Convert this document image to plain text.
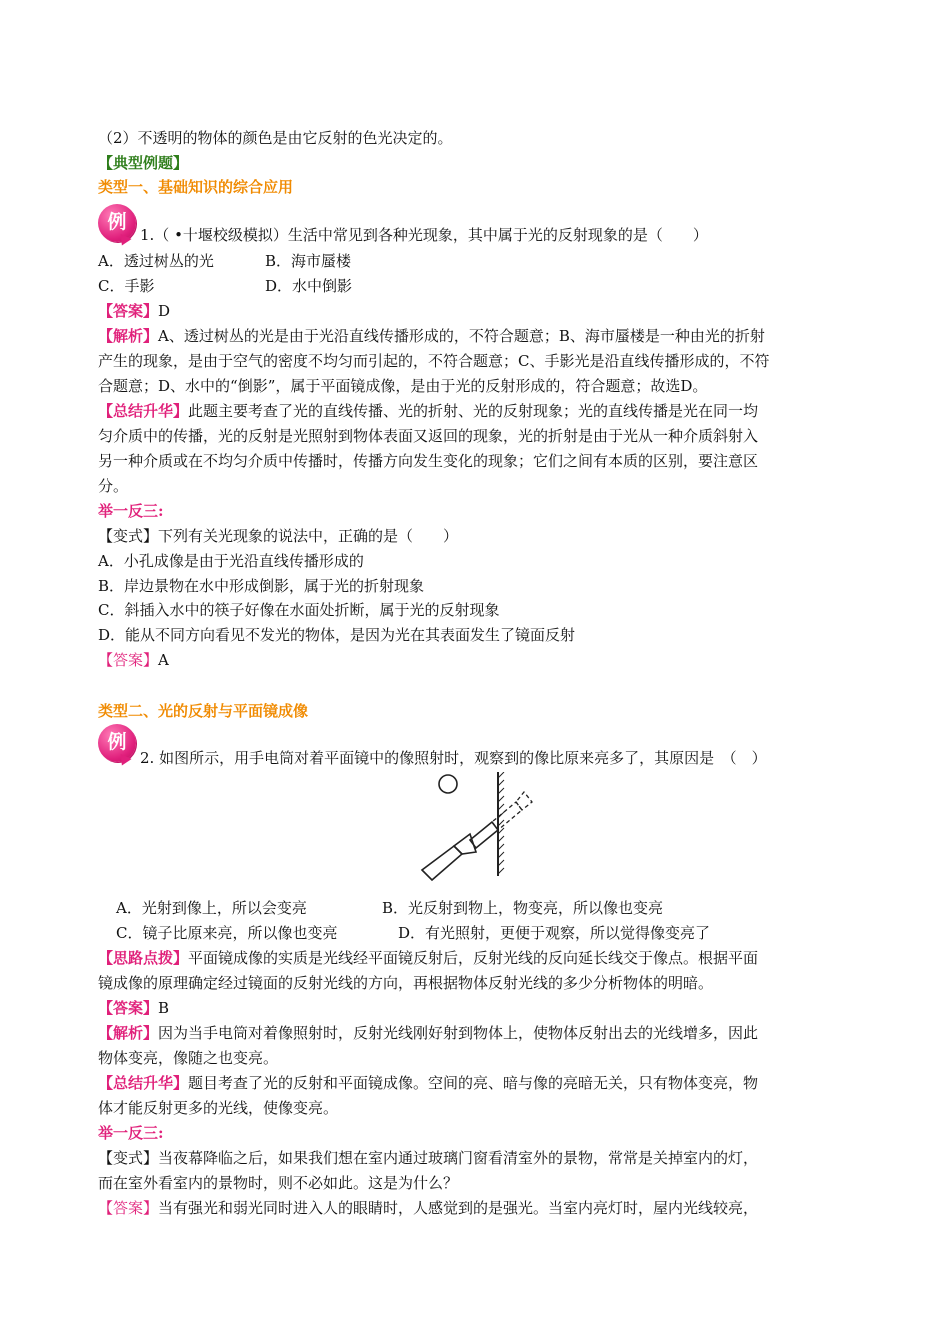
（2）不透明的物体的颜色是由它反射的色光决定的。
【典型例题】
类型一、基础知识的综合应用
例
1.（ •十堰校级模拟）生活中常见到各种光现象，其中属于光的反射现象的是（　　）
A．透过树丛的光	B．海市蜃楼
C．手影	D．水中倒影
【答案】D
【解析】A、透过树丛的光是由于光沿直线传播形成的，不符合题意；B、海市蜃楼是一种由光的折射
产生的现象，是由于空气的密度不均匀而引起的，不符合题意；C、手影光是沿直线传播形成的，不符
合题意；D、水中的“倒影”，属于平面镜成像，是由于光的反射形成的，符合题意；故选D。
【总结升华】此题主要考查了光的直线传播、光的折射、光的反射现象；光的直线传播是光在同一均
匀介质中的传播，光的反射是光照射到物体表面又返回的现象，光的折射是由于光从一种介质斜射入
另一种介质或在不均匀介质中传播时，传播方向发生变化的现象；它们之间有本质的区别，要注意区
分。
举一反三:
【变式】下列有关光现象的说法中，正确的是（　　）
A．小孔成像是由于光沿直线传播形成的
B．岸边景物在水中形成倒影，属于光的折射现象
C．斜插入水中的筷子好像在水面处折断，属于光的反射现象
D．能从不同方向看见不发光的物体，是因为光在其表面发生了镜面反射
【答案】A
类型二、光的反射与平面镜成像
例
2. 如图所示，用手电筒对着平面镜中的像照射时，观察到的像比原来亮多了，其原因是　（　）
A．光射到像上，所以会变亮	B．光反射到物上，物变亮，所以像也变亮
C．镜子比原来亮，所以像也变亮	D．有光照射，更便于观察，所以觉得像变亮了
【思路点拨】平面镜成像的实质是光线经平面镜反射后，反射光线的反向延长线交于像点。根据平面
镜成像的原理确定经过镜面的反射光线的方向，再根据物体反射光线的多少分析物体的明暗。
【答案】B
【解析】因为当手电筒对着像照射时，反射光线刚好射到物体上，使物体反射出去的光线增多，因此
物体变亮，像随之也变亮。
【总结升华】题目考查了光的反射和平面镜成像。空间的亮、暗与像的亮暗无关，只有物体变亮，物
体才能反射更多的光线，使像变亮。
举一反三:
【变式】当夜幕降临之后，如果我们想在室内通过玻璃门窗看清室外的景物，常常是关掉室内的灯，
而在室外看室内的景物时，则不必如此。这是为什么？
【答案】当有强光和弱光同时进入人的眼睛时，人感觉到的是强光。当室内亮灯时，屋内光线较亮，
